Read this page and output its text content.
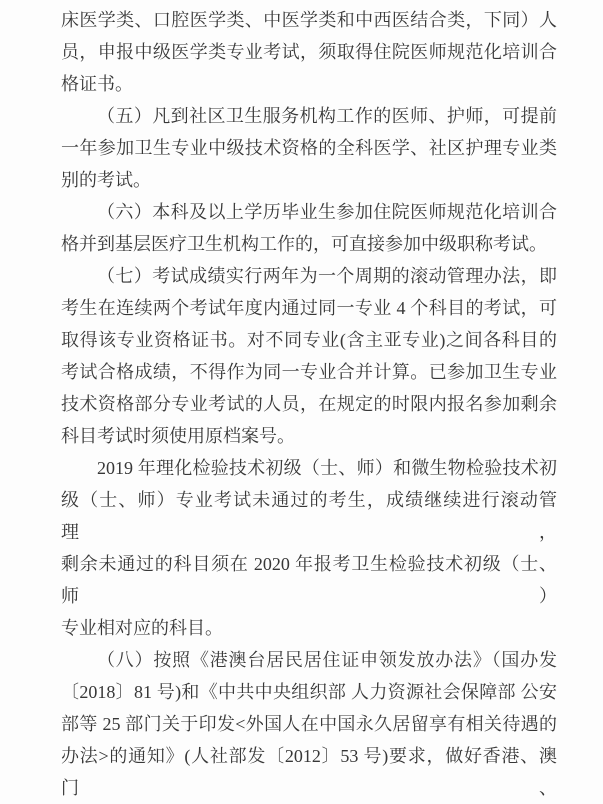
床医学类、口腔医学类、中医学类和中西医结合类，下同）人
员，申报中级医学类专业考试，须取得住院医师规范化培训合
格证书。
（五）凡到社区卫生服务机构工作的医师、护师，可提前
一年参加卫生专业中级技术资格的全科医学、社区护理专业类
别的考试。
（六）本科及以上学历毕业生参加住院医师规范化培训合
格并到基层医疗卫生机构工作的，可直接参加中级职称考试。
（七）考试成绩实行两年为一个周期的滚动管理办法，即
考生在连续两个考试年度内通过同一专业 4 个科目的考试，可
取得该专业资格证书。对不同专业(含主亚专业)之间各科目的
考试合格成绩，不得作为同一专业合并计算。已参加卫生专业
技术资格部分专业考试的人员，在规定的时限内报名参加剩余
科目考试时须使用原档案号。
2019 年理化检验技术初级（士、师）和微生物检验技术初
级（士、师）专业考试未通过的考生，成绩继续进行滚动管理，
剩余未通过的科目须在 2020 年报考卫生检验技术初级（士、师）
专业相对应的科目。
（八）按照《港澳台居民居住证申领发放办法》（国办发
〔2018〕81 号)和《中共中央组织部 人力资源社会保障部 公安
部等 25 部门关于印发<外国人在中国永久居留享有相关待遇的
办法>的通知》(人社部发〔2012〕53 号)要求，做好香港、澳门、
